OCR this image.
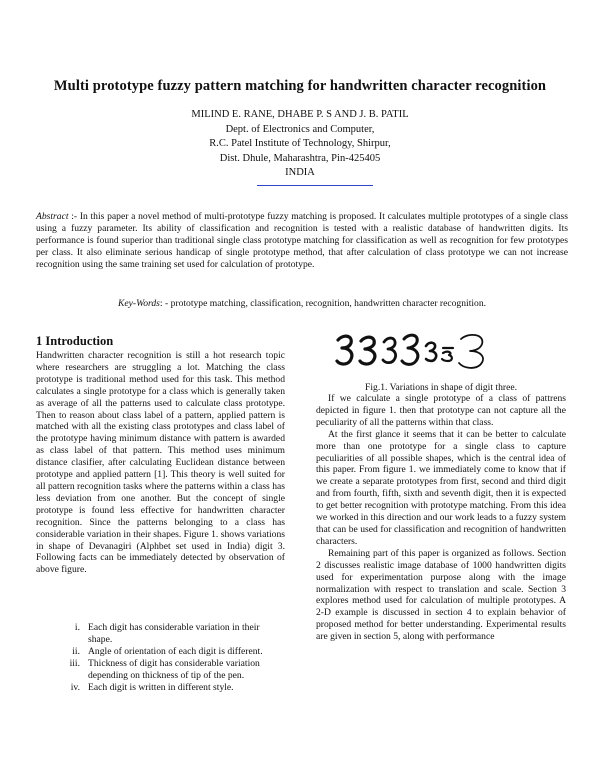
Multi prototype fuzzy pattern matching for handwritten character recognition
MILIND E. RANE, DHABE P. S AND J. B. PATIL
Dept. of Electronics and Computer,
R.C. Patel Institute of Technology, Shirpur,
Dist. Dhule, Maharashtra, Pin-425405
INDIA

Abstract :- In this paper a novel method of multi-prototype fuzzy matching is proposed. It calculates multiple prototypes of a single class using a fuzzy parameter. Its ability of classification and recognition is tested with a realistic database of handwritten digits. Its performance is found superior than traditional single class prototype matching for classification as well as recognition for few prototypes per class. It also eliminate serious handicap of single prototype method, that after calculation of class prototype we can not increase recognition using the same training set used for calculation of prototype.

Key-Words: - prototype matching, classification, recognition, handwritten character recognition.
1 Introduction

Handwritten character recognition is still a hot research topic where researchers are struggling a lot. Matching the class prototype is traditional method used for this task. This method calculates a single prototype for a class which is generally taken as average of all the patterns used to calculate class prototype. Then to reason about class label of a pattern, applied pattern is matched with all the existing class prototypes and class label of the prototype having minimum distance with pattern is awarded as class label of that pattern. This method uses minimum distance clasifier, after calculating Euclidean distance between prototype and applied pattern [1]. This theory is well suited for all pattern recognition tasks where the patterns within a class has less deviation from one another. But the concept of single prototype is found less effective for handwritten character recognition. Since the patterns belonging to a class has considerable variation in their shapes. Figure 1. shows variations in shape of Devanagiri (Alphbet set used in India) digit 3. Following facts can be immediately detected by observation of above figure.

i. Each digit has considerable variation in their shape.
ii. Angle of orientation of each digit is different.
iii. Thickness of digit has considerable variation depending on thickness of tip of the pen.
iv. Each digit is written in different style.
Fig.1. Variations in shape of digit three.

If we calculate a single prototype of a class of pattrens depicted in figure 1. then that prototype can not capture all the peculiarity of all the patterns within that class.

At the first glance it seems that it can be better to calculate more than one prototype for a single class to capture peculiarities of all possible shapes, which is the central idea of this paper. From figure 1. we immediately come to know that if we create a separate prototypes from first, second and third digit and from fourth, fifth, sixth and seventh digit, then it is expected to get better recognition with prototype matching. From this idea we worked in this direction and our work leads to a fuzzy system that can be used for classification and recognition of handwritten characters.

Remaining part of this paper is organized as follows. Section 2 discusses realistic image database of 1000 handwritten digits used for experimentation purpose along with the image normalization with respect to translation and scale. Section 3 explores method used for calculation of multiple prototypes. A 2-D example is discussed in section 4 to explain behavior of proposed method for better understanding. Experimental results are given in section 5, along with performance
